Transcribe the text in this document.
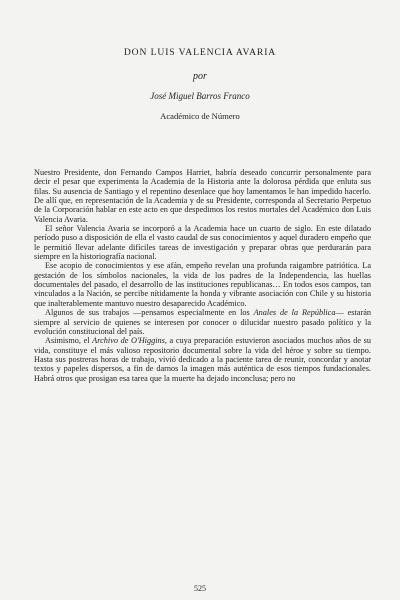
DON LUIS VALENCIA AVARIA
por
José Miguel Barros Franco
Académico de Número

Nuestro Presidente, don Fernando Campos Harriet, habría deseado concurrir personalmente para decir el pesar que experimenta la Academia de la Historia ante la dolorosa pérdida que enluta sus filas. Su ausencia de Santiago y el repentino desenlace que hoy lamentamos le han impedido hacerlo. De allí que, en representación de la Academia y de su Presidente, corresponda al Secretario Perpetuo de la Corporación hablar en este acto en que despedimos los restos mortales del Académico don Luis Valencia Avaria.

El señor Valencia Avaria se incorporó a la Academia hace un cuarto de siglo. En este dilatado período puso a disposición de ella el vasto caudal de sus conocimientos y aquel duradero empeño que le permitió llevar adelante difíciles tareas de investigación y preparar obras que perdurarán para siempre en la historiografía nacional.

Ese acopio de conocimientos y ese afán, empeño revelan una profunda raigambre patriótica. La gestación de los símbolos nacionales, la vida de los padres de la Independencia, las huellas documentales del pasado, el desarrollo de las instituciones republicanas… En todos esos campos, tan vinculados a la Nación, se percibe nítidamente la honda y vibrante asociación con Chile y su historia que inalterablemente mantuvo nuestro desaparecido Académico.

Algunos de sus trabajos —pensamos especialmente en los Anales de la República— estarán siempre al servicio de quienes se interesen por conocer o dilucidar nuestro pasado político y la evolución constitucional del país.

Asimismo, el Archivo de O'Higgins, a cuya preparación estuvieron asociados muchos años de su vida, constituye el más valioso repositorio documental sobre la vida del héroe y sobre su tiempo. Hasta sus postreras horas de trabajo, vivió dedicado a la paciente tarea de reunir, concordar y anotar textos y papeles dispersos, a fin de darnos la imagen más auténtica de esos tiempos fundacionales. Habrá otros que prosigan esa tarea que la muerte ha dejado inconclusa; pero no

525
